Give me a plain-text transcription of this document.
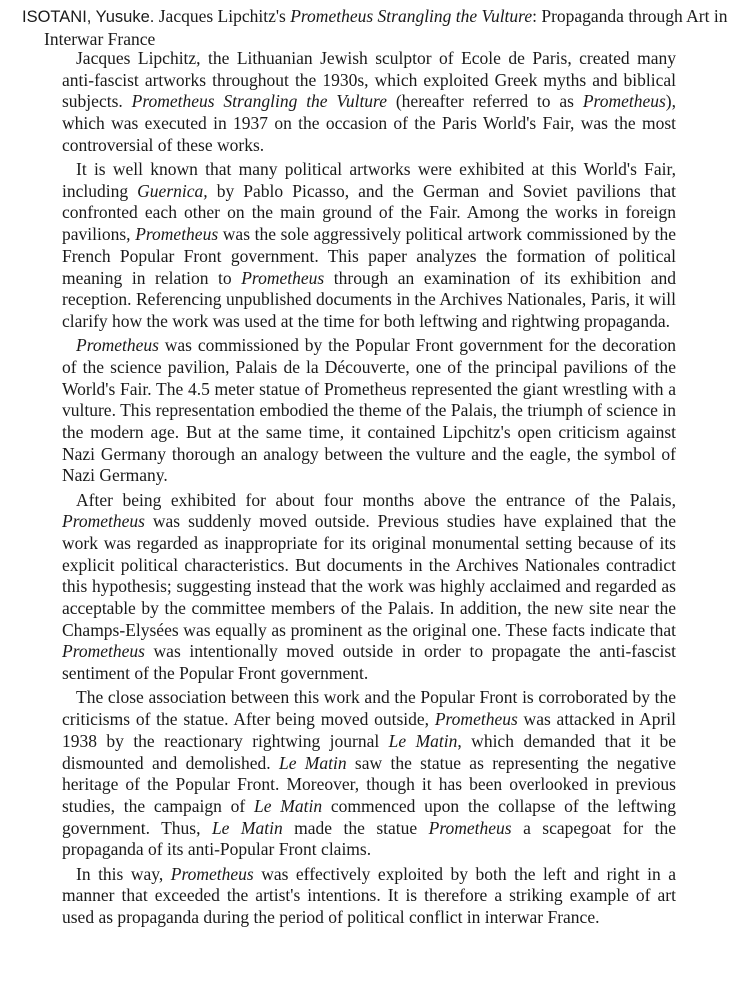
ISOTANI, Yusuke. Jacques Lipchitz's Prometheus Strangling the Vulture: Propaganda through Art in Interwar France

Jacques Lipchitz, the Lithuanian Jewish sculptor of Ecole de Paris, created many anti-fascist artworks throughout the 1930s, which exploited Greek myths and biblical subjects. Prometheus Strangling the Vulture (hereafter referred to as Prometheus), which was executed in 1937 on the occasion of the Paris World's Fair, was the most controversial of these works.

It is well known that many political artworks were exhibited at this World's Fair, including Guernica, by Pablo Picasso, and the German and Soviet pavilions that confronted each other on the main ground of the Fair. Among the works in foreign pavilions, Prometheus was the sole aggressively political artwork commissioned by the French Popular Front government. This paper analyzes the formation of political meaning in relation to Prometheus through an examination of its exhibition and reception. Referencing unpublished documents in the Archives Nationales, Paris, it will clarify how the work was used at the time for both leftwing and rightwing propaganda.

Prometheus was commissioned by the Popular Front government for the decoration of the science pavilion, Palais de la Découverte, one of the principal pavilions of the World's Fair. The 4.5 meter statue of Prometheus represented the giant wrestling with a vulture. This representation embodied the theme of the Palais, the triumph of science in the modern age. But at the same time, it contained Lipchitz's open criticism against Nazi Germany thorough an analogy between the vulture and the eagle, the symbol of Nazi Germany.

After being exhibited for about four months above the entrance of the Palais, Prometheus was suddenly moved outside. Previous studies have explained that the work was regarded as inappropriate for its original monumental setting because of its explicit political characteristics. But documents in the Archives Nationales contradict this hypothesis; suggesting instead that the work was highly acclaimed and regarded as acceptable by the committee members of the Palais. In addition, the new site near the Champs-Elysées was equally as prominent as the original one. These facts indicate that Prometheus was intentionally moved outside in order to propagate the anti-fascist sentiment of the Popular Front government.

The close association between this work and the Popular Front is corroborated by the criticisms of the statue. After being moved outside, Prometheus was attacked in April 1938 by the reactionary rightwing journal Le Matin, which demanded that it be dismounted and demolished. Le Matin saw the statue as representing the negative heritage of the Popular Front. Moreover, though it has been overlooked in previous studies, the campaign of Le Matin commenced upon the collapse of the leftwing government. Thus, Le Matin made the statue Prometheus a scapegoat for the propaganda of its anti-Popular Front claims.

In this way, Prometheus was effectively exploited by both the left and right in a manner that exceeded the artist's intentions. It is therefore a striking example of art used as propaganda during the period of political conflict in interwar France.
